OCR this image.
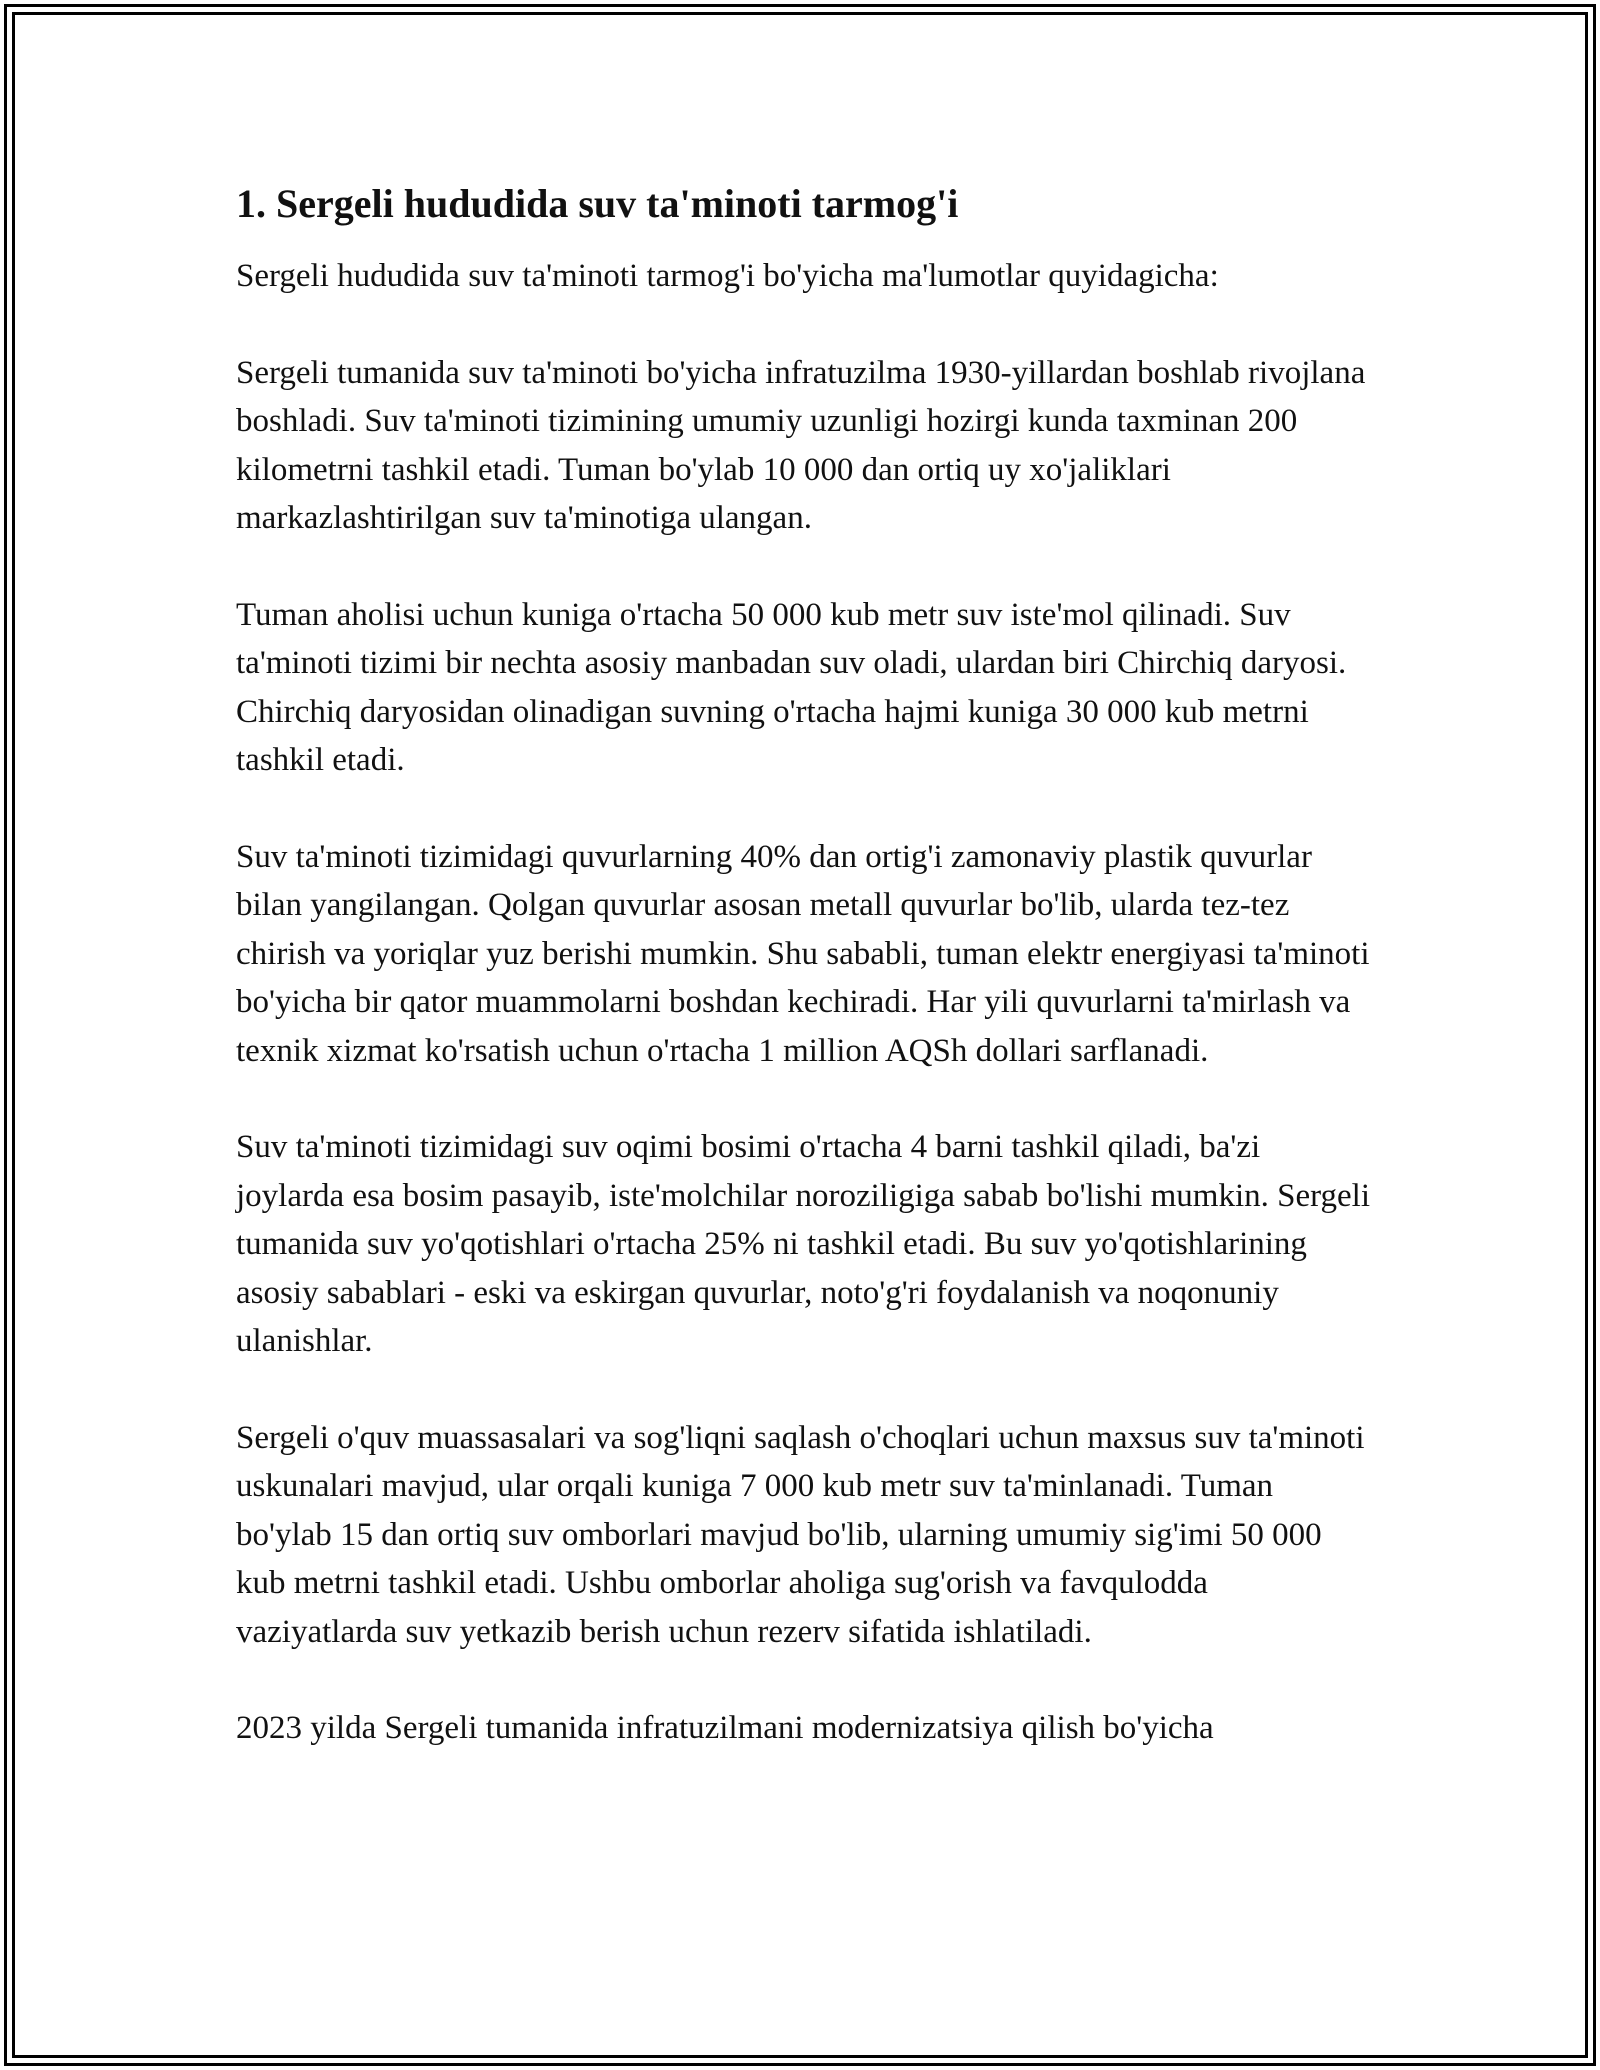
1. Sergeli hududida suv ta'minoti tarmog'i

Sergeli hududida suv ta'minoti tarmog'i bo'yicha ma'lumotlar quyidagicha:

Sergeli tumanida suv ta'minoti bo'yicha infratuzilma 1930-yillardan boshlab rivojlana boshladi. Suv ta'minoti tizimining umumiy uzunligi hozirgi kunda taxminan 200 kilometrni tashkil etadi. Tuman bo'ylab 10 000 dan ortiq uy xo'jaliklari markazlashtirilgan suv ta'minotiga ulangan.

Tuman aholisi uchun kuniga o'rtacha 50 000 kub metr suv iste'mol qilinadi. Suv ta'minoti tizimi bir nechta asosiy manbadan suv oladi, ulardan biri Chirchiq daryosi. Chirchiq daryosidan olinadigan suvning o'rtacha hajmi kuniga 30 000 kub metrni tashkil etadi.

Suv ta'minoti tizimidagi quvurlarning 40% dan ortig'i zamonaviy plastik quvurlar bilan yangilangan. Qolgan quvurlar asosan metall quvurlar bo'lib, ularda tez-tez chirish va yoriqlar yuz berishi mumkin. Shu sababli, tuman elektr energiyasi ta'minoti bo'yicha bir qator muammolarni boshdan kechiradi. Har yili quvurlarni ta'mirlash va texnik xizmat ko'rsatish uchun o'rtacha 1 million AQSh dollari sarflanadi.

Suv ta'minoti tizimidagi suv oqimi bosimi o'rtacha 4 barni tashkil qiladi, ba'zi joylarda esa bosim pasayib, iste'molchilar noroziligiga sabab bo'lishi mumkin. Sergeli tumanida suv yo'qotishlari o'rtacha 25% ni tashkil etadi. Bu suv yo'qotishlarining asosiy sabablari - eski va eskirgan quvurlar, noto'g'ri foydalanish va noqonuniy ulanishlar.

Sergeli o'quv muassasalari va sog'liqni saqlash o'choqlari uchun maxsus suv ta'minoti uskunalari mavjud, ular orqali kuniga 7 000 kub metr suv ta'minlanadi. Tuman bo'ylab 15 dan ortiq suv omborlari mavjud bo'lib, ularning umumiy sig'imi 50 000 kub metrni tashkil etadi. Ushbu omborlar aholiga sug'orish va favqulodda vaziyatlarda suv yetkazib berish uchun rezerv sifatida ishlatiladi.

2023 yilda Sergeli tumanida infratuzilmani modernizatsiya qilish bo'yicha
